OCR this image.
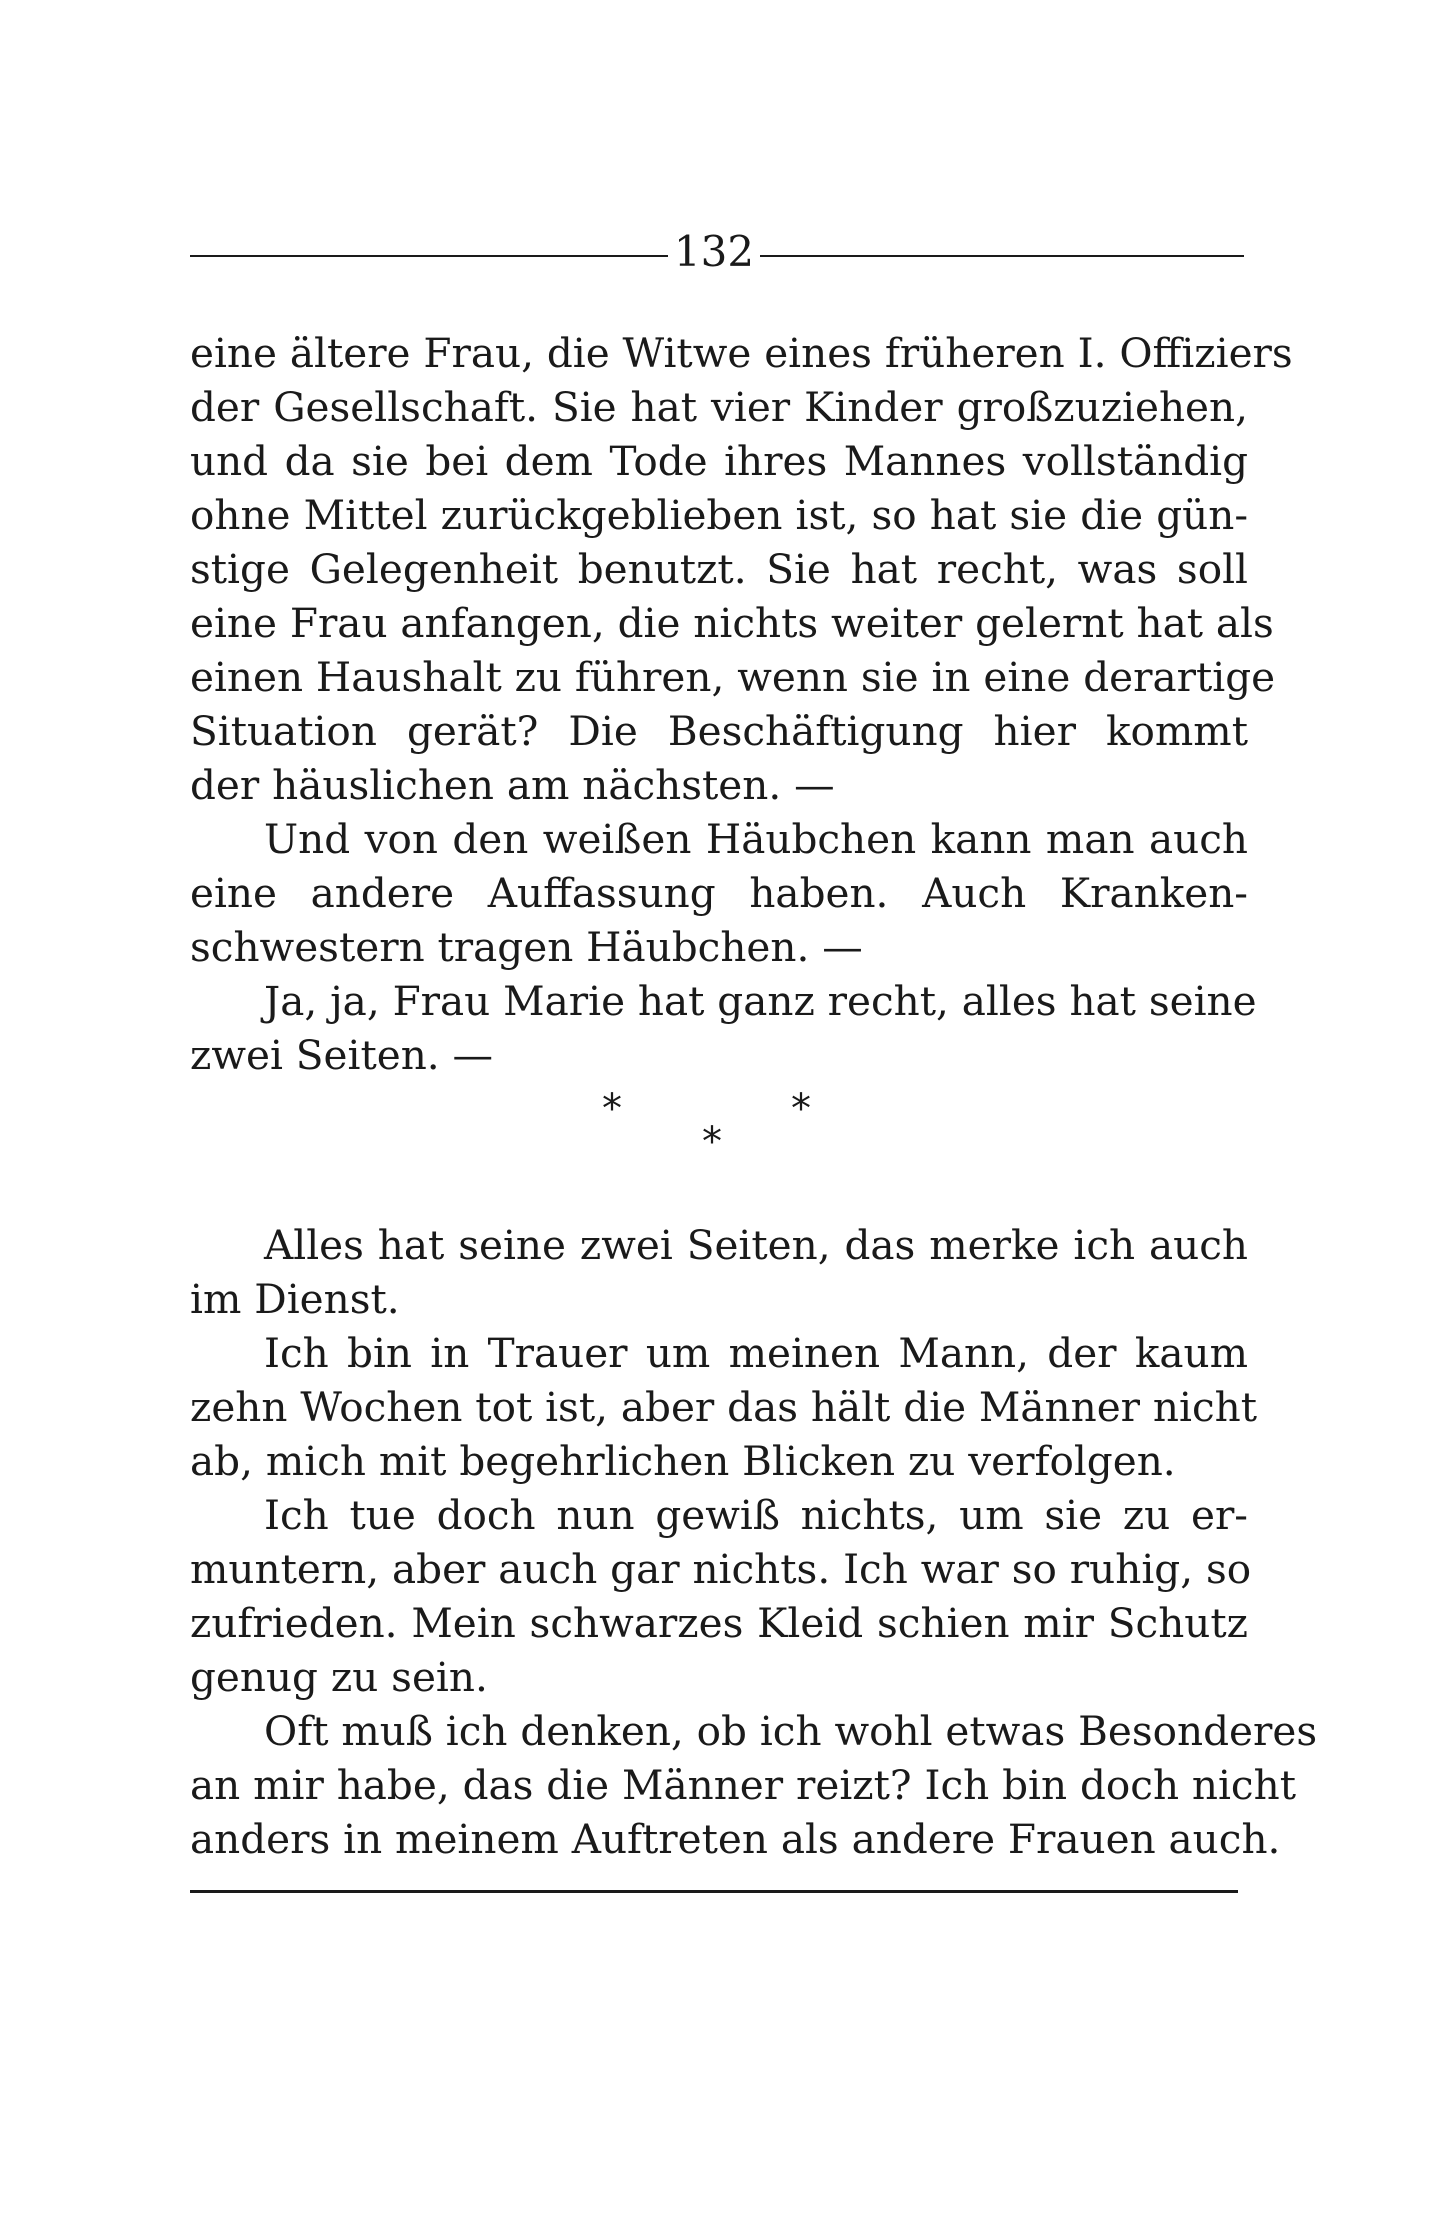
132
eine ältere Frau, die Witwe eines früheren I. Offiziers
der Gesellschaft. Sie hat vier Kinder großzuziehen,
und da sie bei dem Tode ihres Mannes vollständig
ohne Mittel zurückgeblieben ist, so hat sie die gün-
stige Gelegenheit benutzt. Sie hat recht, was soll
eine Frau anfangen, die nichts weiter gelernt hat als
einen Haushalt zu führen, wenn sie in eine derartige
Situation gerät? Die Beschäftigung hier kommt
der häuslichen am nächsten. —
Und von den weißen Häubchen kann man auch
eine andere Auffassung haben. Auch Kranken-
schwestern tragen Häubchen. —
Ja, ja, Frau Marie hat ganz recht, alles hat seine
zwei Seiten. —
*	*
*
Alles hat seine zwei Seiten, das merke ich auch
im Dienst.
Ich bin in Trauer um meinen Mann, der kaum
zehn Wochen tot ist, aber das hält die Männer nicht
ab, mich mit begehrlichen Blicken zu verfolgen.
Ich tue doch nun gewiß nichts, um sie zu er-
muntern, aber auch gar nichts. Ich war so ruhig, so
zufrieden. Mein schwarzes Kleid schien mir Schutz
genug zu sein.
Oft muß ich denken, ob ich wohl etwas Besonderes
an mir habe, das die Männer reizt? Ich bin doch nicht
anders in meinem Auftreten als andere Frauen auch.
